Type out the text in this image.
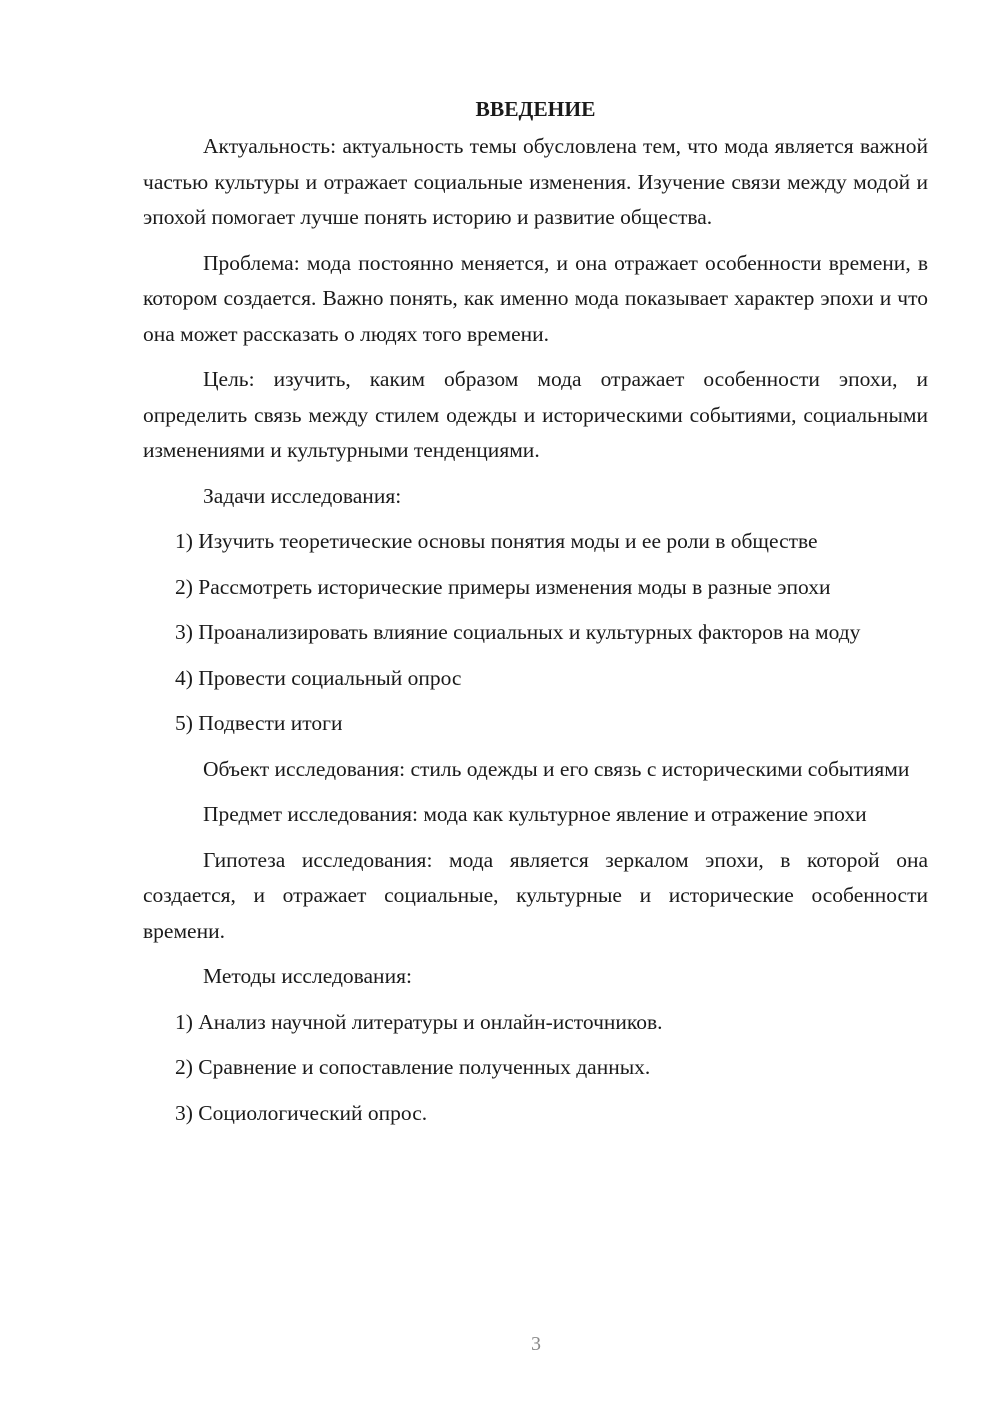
ВВЕДЕНИЕ

Актуальность: актуальность темы обусловлена тем, что мода является важной частью культуры и отражает социальные изменения. Изучение связи между модой и эпохой помогает лучше понять историю и развитие общества.

Проблема: мода постоянно меняется, и она отражает особенности времени, в котором создается. Важно понять, как именно мода показывает характер эпохи и что она может рассказать о людях того времени.

Цель: изучить, каким образом мода отражает особенности эпохи, и определить связь между стилем одежды и историческими событиями, социальными изменениями и культурными тенденциями.

Задачи исследования:

1) Изучить теоретические основы понятия моды и ее роли в обществе

2) Рассмотреть исторические примеры изменения моды в разные эпохи

3) Проанализировать влияние социальных и культурных факторов на моду

4) Провести социальный опрос

5) Подвести итоги

Объект исследования: стиль одежды и его связь с историческими событиями

Предмет исследования: мода как культурное явление и отражение эпохи

Гипотеза исследования: мода является зеркалом эпохи, в которой она создается, и отражает социальные, культурные и исторические особенности времени.

Методы исследования:

1) Анализ научной литературы и онлайн-источников.

2) Сравнение и сопоставление полученных данных.

3) Социологический опрос.

3
